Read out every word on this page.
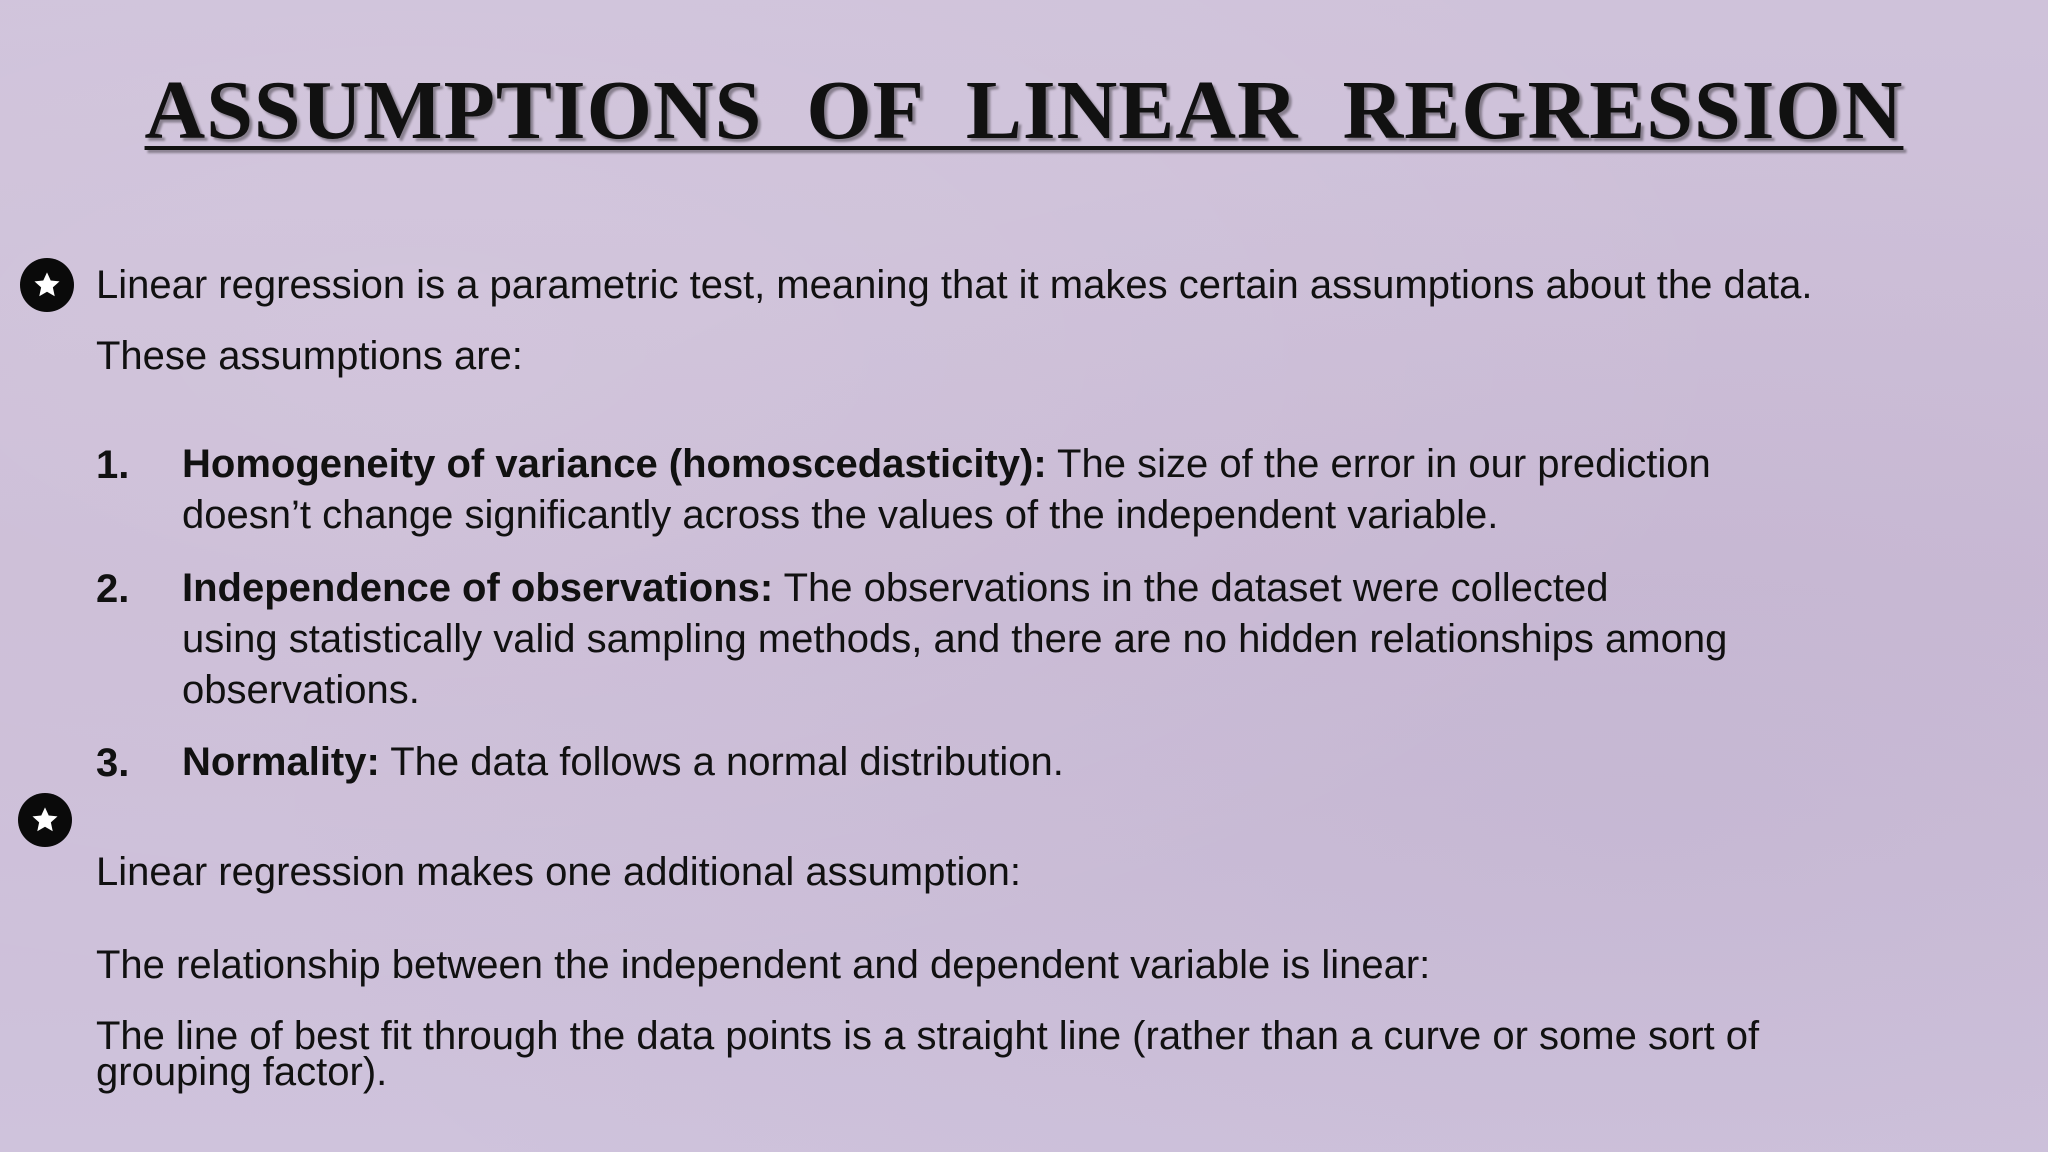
ASSUMPTIONS OF LINEAR REGRESSION
Linear regression is a parametric test, meaning that it makes certain assumptions about the data.
These assumptions are:
1. Homogeneity of variance (homoscedasticity): The size of the error in our prediction
doesn’t change significantly across the values of the independent variable.
2. Independence of observations: The observations in the dataset were collected
using statistically valid sampling methods, and there are no hidden relationships among
observations.
3. Normality: The data follows a normal distribution.
Linear regression makes one additional assumption:
The relationship between the independent and dependent variable is linear:
The line of best fit through the data points is a straight line (rather than a curve or some sort of
grouping factor).
